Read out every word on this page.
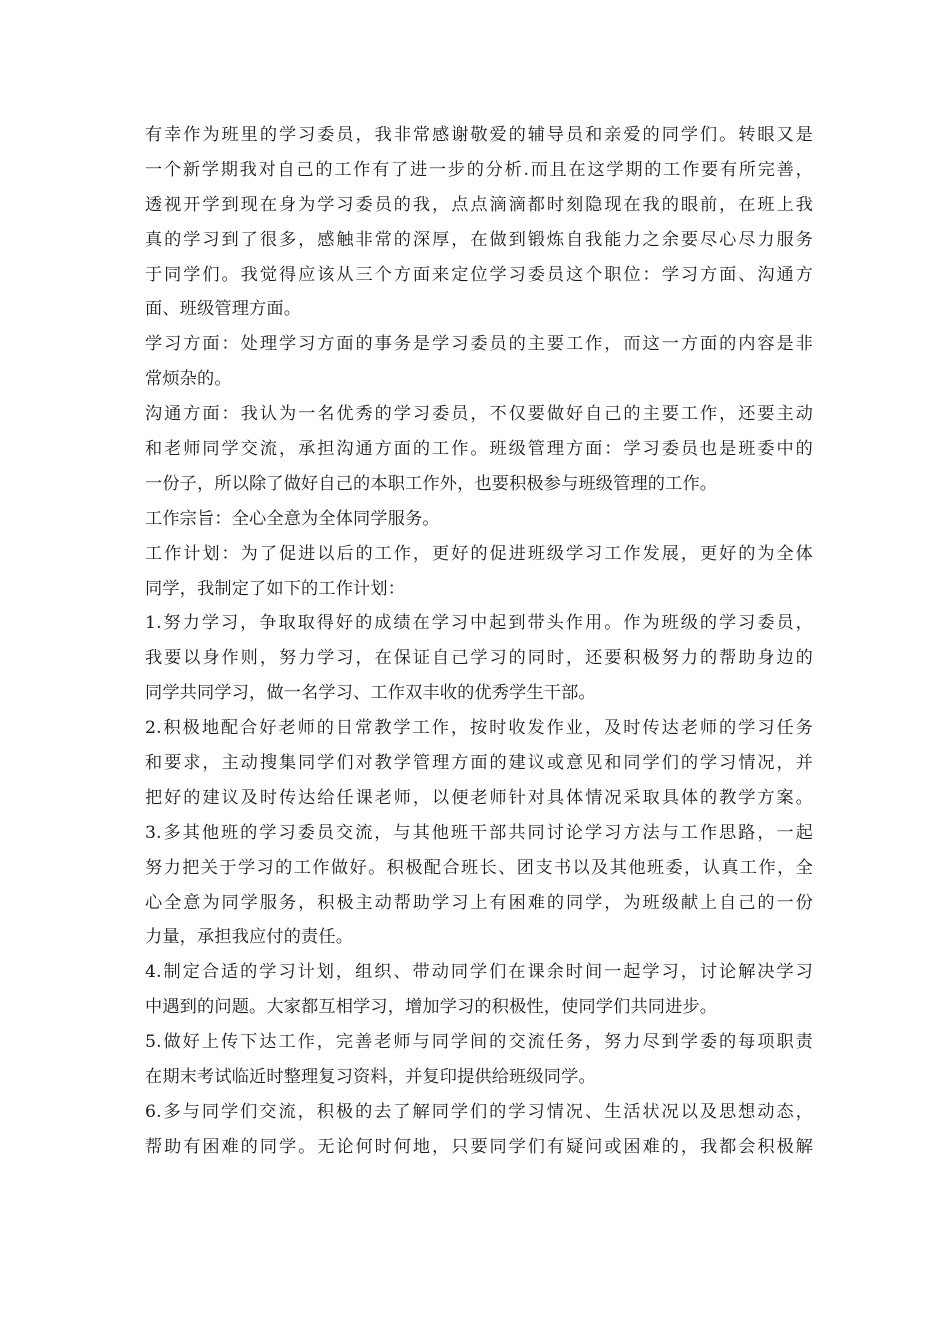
有幸作为班里的学习委员，我非常感谢敬爱的辅导员和亲爱的同学们。转眼又是
一个新学期我对自己的工作有了进一步的分析.而且在这学期的工作要有所完善，
透视开学到现在身为学习委员的我，点点滴滴都时刻隐现在我的眼前，在班上我
真的学习到了很多，感触非常的深厚，在做到锻炼自我能力之余要尽心尽力服务
于同学们。我觉得应该从三个方面来定位学习委员这个职位：学习方面、沟通方
面、班级管理方面。
学习方面：处理学习方面的事务是学习委员的主要工作，而这一方面的内容是非
常烦杂的。
沟通方面：我认为一名优秀的学习委员，不仅要做好自己的主要工作，还要主动
和老师同学交流，承担沟通方面的工作。班级管理方面：学习委员也是班委中的
一份子，所以除了做好自己的本职工作外，也要积极参与班级管理的工作。
工作宗旨：全心全意为全体同学服务。
工作计划：为了促进以后的工作，更好的促进班级学习工作发展，更好的为全体
同学，我制定了如下的工作计划：
1.努力学习，争取取得好的成绩在学习中起到带头作用。作为班级的学习委员，
我要以身作则，努力学习，在保证自己学习的同时，还要积极努力的帮助身边的
同学共同学习，做一名学习、工作双丰收的优秀学生干部。
2.积极地配合好老师的日常教学工作，按时收发作业，及时传达老师的学习任务
和要求，主动搜集同学们对教学管理方面的建议或意见和同学们的学习情况，并
把好的建议及时传达给任课老师，以便老师针对具体情况采取具体的教学方案。
3.多其他班的学习委员交流，与其他班干部共同讨论学习方法与工作思路，一起
努力把关于学习的工作做好。积极配合班长、团支书以及其他班委，认真工作，全
心全意为同学服务，积极主动帮助学习上有困难的同学，为班级献上自己的一份
力量，承担我应付的责任。
4.制定合适的学习计划，组织、带动同学们在课余时间一起学习，讨论解决学习
中遇到的问题。大家都互相学习，增加学习的积极性，使同学们共同进步。
5.做好上传下达工作，完善老师与同学间的交流任务，努力尽到学委的每项职责
在期末考试临近时整理复习资料，并复印提供给班级同学。
6.多与同学们交流，积极的去了解同学们的学习情况、生活状况以及思想动态，
帮助有困难的同学。无论何时何地，只要同学们有疑问或困难的，我都会积极解
